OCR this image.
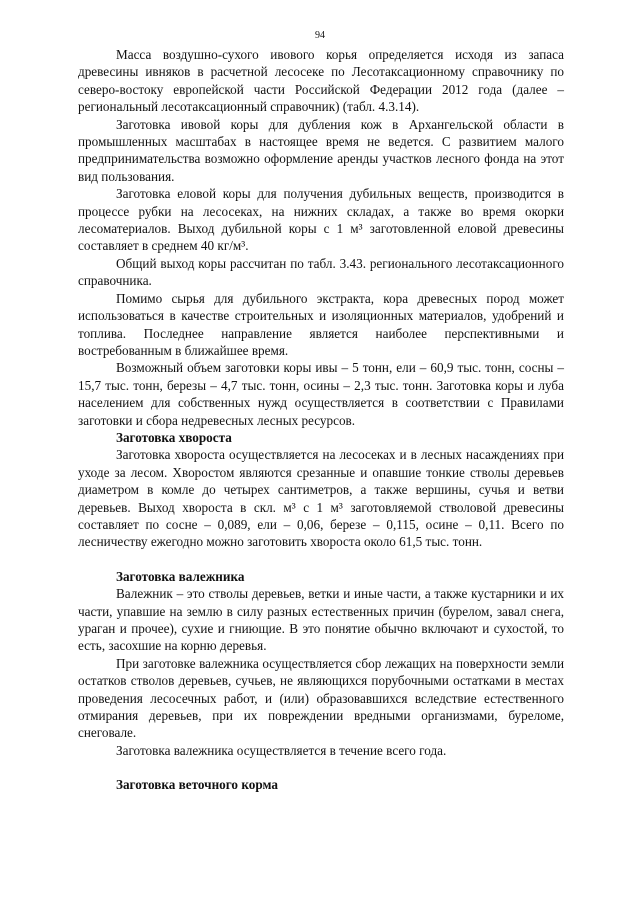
94

Масса воздушно-сухого ивового корья определяется исходя из запаса древесины ивняков в расчетной лесосеке по Лесотаксационному справочнику по северо-востоку европейской части Российской Федерации 2012 года (далее – региональный лесотаксационный справочник) (табл. 4.3.14).

Заготовка ивовой коры для дубления кож в Архангельской области в промышленных масштабах в настоящее время не ведется. С развитием малого предпринимательства возможно оформление аренды участков лесного фонда на этот вид пользования.

Заготовка еловой коры для получения дубильных веществ, производится в процессе рубки на лесосеках, на нижних складах, а также во время окорки лесоматериалов. Выход дубильной коры с 1 м³ заготовленной еловой древесины составляет в среднем 40 кг/м³.

Общий выход коры рассчитан по табл. 3.43. регионального лесотаксационного справочника.

Помимо сырья для дубильного экстракта, кора древесных пород может использоваться в качестве строительных и изоляционных материалов, удобрений и топлива. Последнее направление является наиболее перспективными и востребованным в ближайшее время.

Возможный объем заготовки коры ивы – 5 тонн, ели – 60,9 тыс. тонн, сосны – 15,7 тыс. тонн, березы – 4,7 тыс. тонн, осины – 2,3 тыс. тонн. Заготовка коры и луба населением для собственных нужд осуществляется в соответствии с Правилами заготовки и сбора недревесных лесных ресурсов.

Заготовка хвороста

Заготовка хвороста осуществляется на лесосеках и в лесных насаждениях при уходе за лесом. Хворостом являются срезанные и опавшие тонкие стволы деревьев диаметром в комле до четырех сантиметров, а также вершины, сучья и ветви деревьев. Выход хвороста в скл. м³ с 1 м³ заготовляемой стволовой древесины составляет по сосне – 0,089, ели – 0,06, березе – 0,115, осине – 0,11. Всего по лесничеству ежегодно можно заготовить хвороста около 61,5 тыс. тонн.

Заготовка валежника

Валежник – это стволы деревьев, ветки и иные части, а также кустарники и их части, упавшие на землю в силу разных естественных причин (бурелом, завал снега, ураган и прочее), сухие и гниющие. В это понятие обычно включают и сухостой, то есть, засохшие на корню деревья.

При заготовке валежника осуществляется сбор лежащих на поверхности земли остатков стволов деревьев, сучьев, не являющихся порубочными остатками в местах проведения лесосечных работ, и (или) образовавшихся вследствие естественного отмирания деревьев, при их повреждении вредными организмами, буреломе, снеговале.

Заготовка валежника осуществляется в течение всего года.

Заготовка веточного корма
